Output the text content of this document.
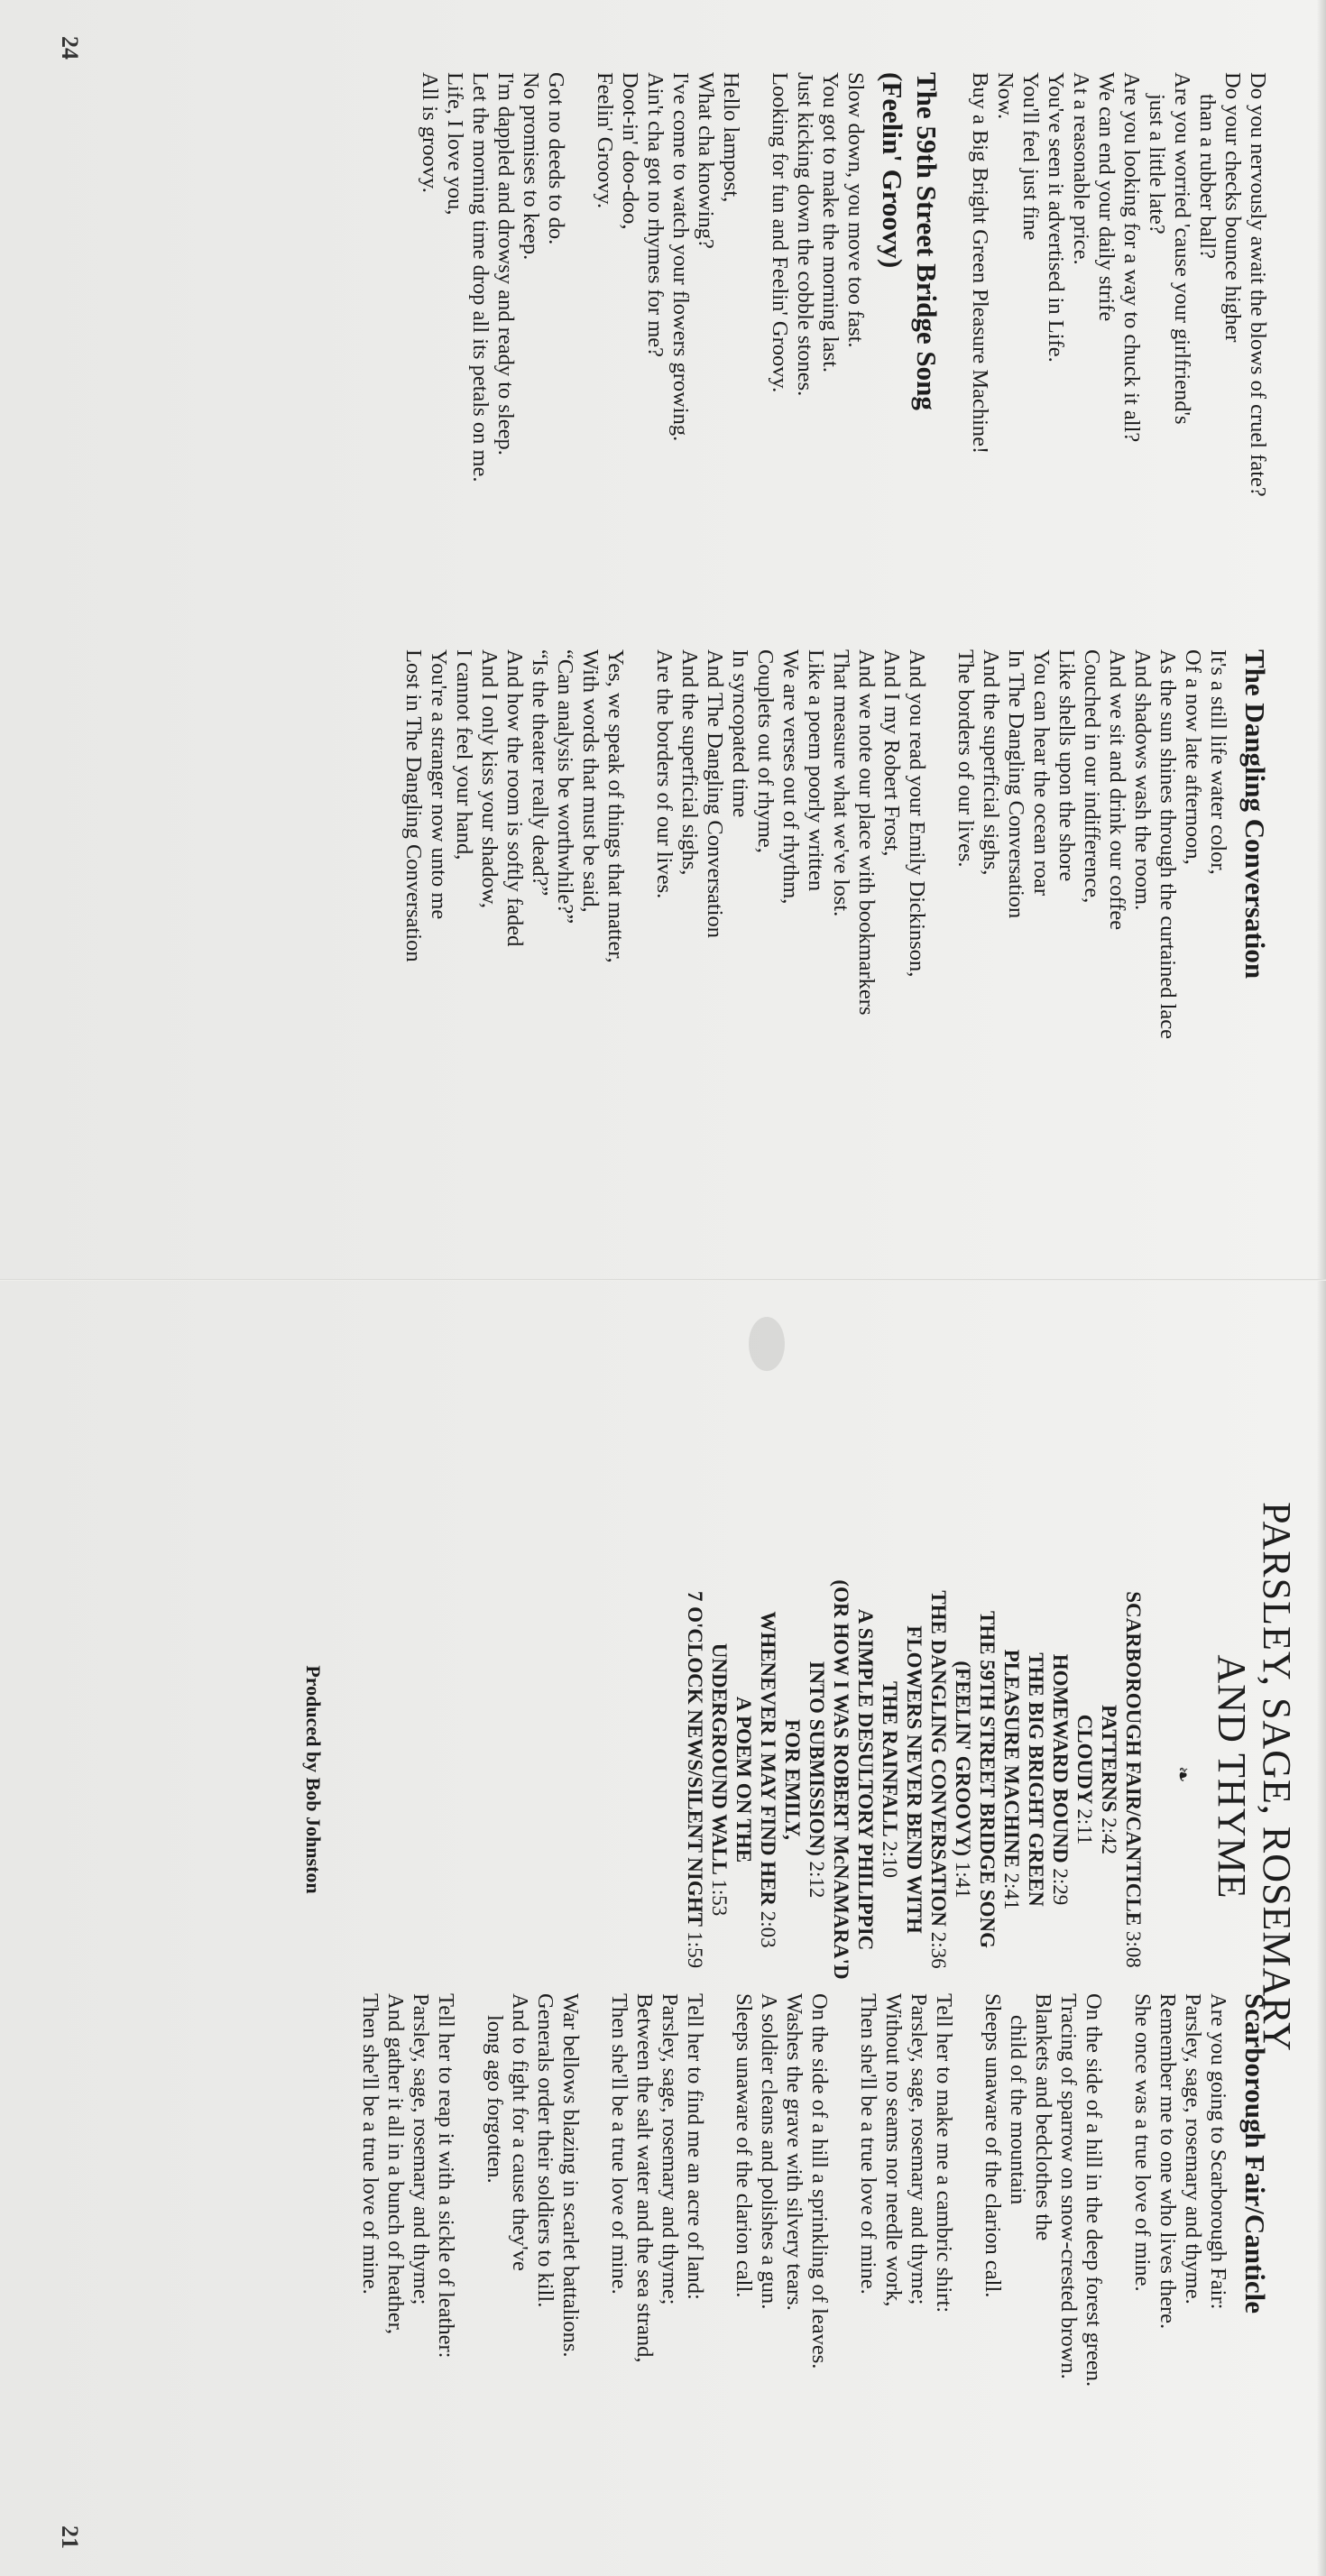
24
21
Do you nervously await the blows of cruel fate?
Do your checks bounce higher
than a rubber ball?
Are you worried 'cause your girlfriend's
just a little late?
Are you looking for a way to chuck it all?
We can end your daily strife
At a reasonable price.
You've seen it advertised in Life.
You'll feel just fine
Now.
Buy a Big Bright Green Pleasure Machine!
The 59th Street Bridge Song
(Feelin' Groovy)
Slow down, you move too fast.
You got to make the morning last.
Just kicking down the cobble stones.
Looking for fun and Feelin' Groovy.
Hello lampost,
What cha knowing?
I've come to watch your flowers growing.
Ain't cha got no rhymes for me?
Doot-in' doo-doo,
Feelin' Groovy.
Got no deeds to do.
No promises to keep.
I'm dappled and drowsy and ready to sleep.
Let the morning time drop all its petals on me.
Life, I love you,
All is groovy.
The Dangling Conversation
It's a still life water color,
Of a now late afternoon,
As the sun shines through the curtained lace
And shadows wash the room.
And we sit and drink our coffee
Couched in our indifference,
Like shells upon the shore
You can hear the ocean roar
In The Dangling Conversation
And the superficial sighs,
The borders of our lives.
And you read your Emily Dickinson,
And I my Robert Frost,
And we note our place with bookmarkers
That measure what we've lost.
Like a poem poorly written
We are verses out of rhythm,
Couplets out of rhyme,
In syncopated time
And The Dangling Conversation
And the superficial sighs,
Are the borders of our lives.
Yes, we speak of things that matter,
With words that must be said,
“Can analysis be worthwhile?”
“Is the theater really dead?”
And how the room is softly faded
And I only kiss your shadow,
I cannot feel your hand,
You're a stranger now unto me
Lost in The Dangling Conversation
PARSLEY, SAGE, ROSEMARY
AND THYME
❧
SCARBOROUGH FAIR/CANTICLE 3:08
PATTERNS 2:42
CLOUDY 2:11
HOMEWARD BOUND 2:29
THE BIG BRIGHT GREEN
PLEASURE MACHINE 2:41
THE 59TH STREET BRIDGE SONG
(FEELIN' GROOVY) 1:41
THE DANGLING CONVERSATION 2:36
FLOWERS NEVER BEND WITH
THE RAINFALL 2:10
A SIMPLE DESULTORY PHILIPPIC
(OR HOW I WAS ROBERT McNAMARA'D
INTO SUBMISSION) 2:12
FOR EMILY,
WHENEVER I MAY FIND HER 2:03
A POEM ON THE
UNDERGROUND WALL 1:53
7 O'CLOCK NEWS/SILENT NIGHT 1:59
Produced by Bob Johnston
Scarborough Fair/Canticle
Are you going to Scarborough Fair:
Parsley, sage, rosemary and thyme.
Remember me to one who lives there.
She once was a true love of mine.
On the side of a hill in the deep forest green.
Tracing of sparrow on snow-crested brown.
Blankets and bedclothes the
child of the mountain
Sleeps unaware of the clarion call.
Tell her to make me a cambric shirt:
Parsley, sage, rosemary and thyme;
Without no seams nor needle work,
Then she'll be a true love of mine.
On the side of a hill a sprinkling of leaves.
Washes the grave with silvery tears.
A soldier cleans and polishes a gun.
Sleeps unaware of the clarion call.
Tell her to find me an acre of land:
Parsley, sage, rosemary and thyme;
Between the salt water and the sea strand,
Then she'll be a true love of mine.
War bellows blazing in scarlet battalions.
Generals order their soldiers to kill.
And to fight for a cause they've
long ago forgotten.
Tell her to reap it with a sickle of leather:
Parsley, sage, rosemary and thyme;
And gather it all in a bunch of heather,
Then she'll be a true love of mine.
